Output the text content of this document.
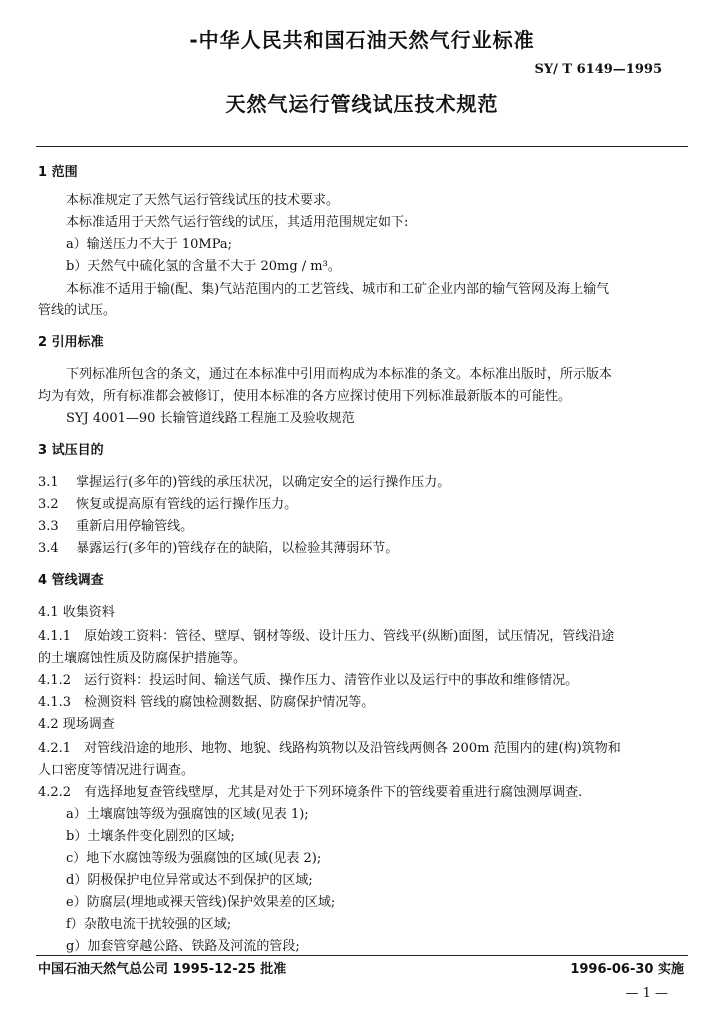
-中华人民共和国石油天然气行业标准
SY/ T 6149—1995
天然气运行管线试压技术规范
1 范围
本标准规定了天然气运行管线试压的技术要求。
本标准适用于天然气运行管线的试压，其适用范围规定如下:
a）输送压力不大于 10MPa;
b）天然气中硫化氢的含量不大于 20mg / m³。
本标准不适用于输(配、集)气站范围内的工艺管线、城市和工矿企业内部的输气管网及海上输气
管线的试压。
2 引用标准
下列标准所包含的条文，通过在本标准中引用而构成为本标准的条文。本标准出版时，所示版本
均为有效，所有标准都会被修订，使用本标准的各方应探讨使用下列标准最新版本的可能性。
SYJ 4001—90 长输管道线路工程施工及验收规范
3 试压目的
3.1 掌握运行(多年的)管线的承压状况，以确定安全的运行操作压力。
3.2 恢复或提高原有管线的运行操作压力。
3.3 重新启用停输管线。
3.4 暴露运行(多年的)管线存在的缺陷，以检验其薄弱环节。
4 管线调查
4.1 收集资料
4.1.1 原始竣工资料：管径、壁厚、钢材等级、设计压力、管线平(纵断)面图，试压情况，管线沿途
的土壤腐蚀性质及防腐保护措施等。
4.1.2 运行资料：投运时间、输送气质、操作压力、清管作业以及运行中的事故和维修情况。
4.1.3 检测资料 管线的腐蚀检测数据、防腐保护情况等。
4.2 现场调查
4.2.1 对管线沿途的地形、地物、地貌、线路构筑物以及沿管线两侧各 200m 范围内的建(构)筑物和
人口密度等情况进行调查。
4.2.2 有选择地复查管线壁厚，尤其是对处于下列环境条件下的管线要着重进行腐蚀测厚调查.
a）土壤腐蚀等级为强腐蚀的区域(见表 1);
b）土壤条件变化剧烈的区域;
c）地下水腐蚀等级为强腐蚀的区域(见表 2);
d）阴极保护电位异常或达不到保护的区域;
e）防腐层(埋地或裸天管线)保护效果差的区域;
f）杂散电流干扰较强的区域;
g）加套管穿越公路、铁路及河流的管段;
中国石油天然气总公司 1995-12-25 批准	1996-06-30 实施
— 1 —
